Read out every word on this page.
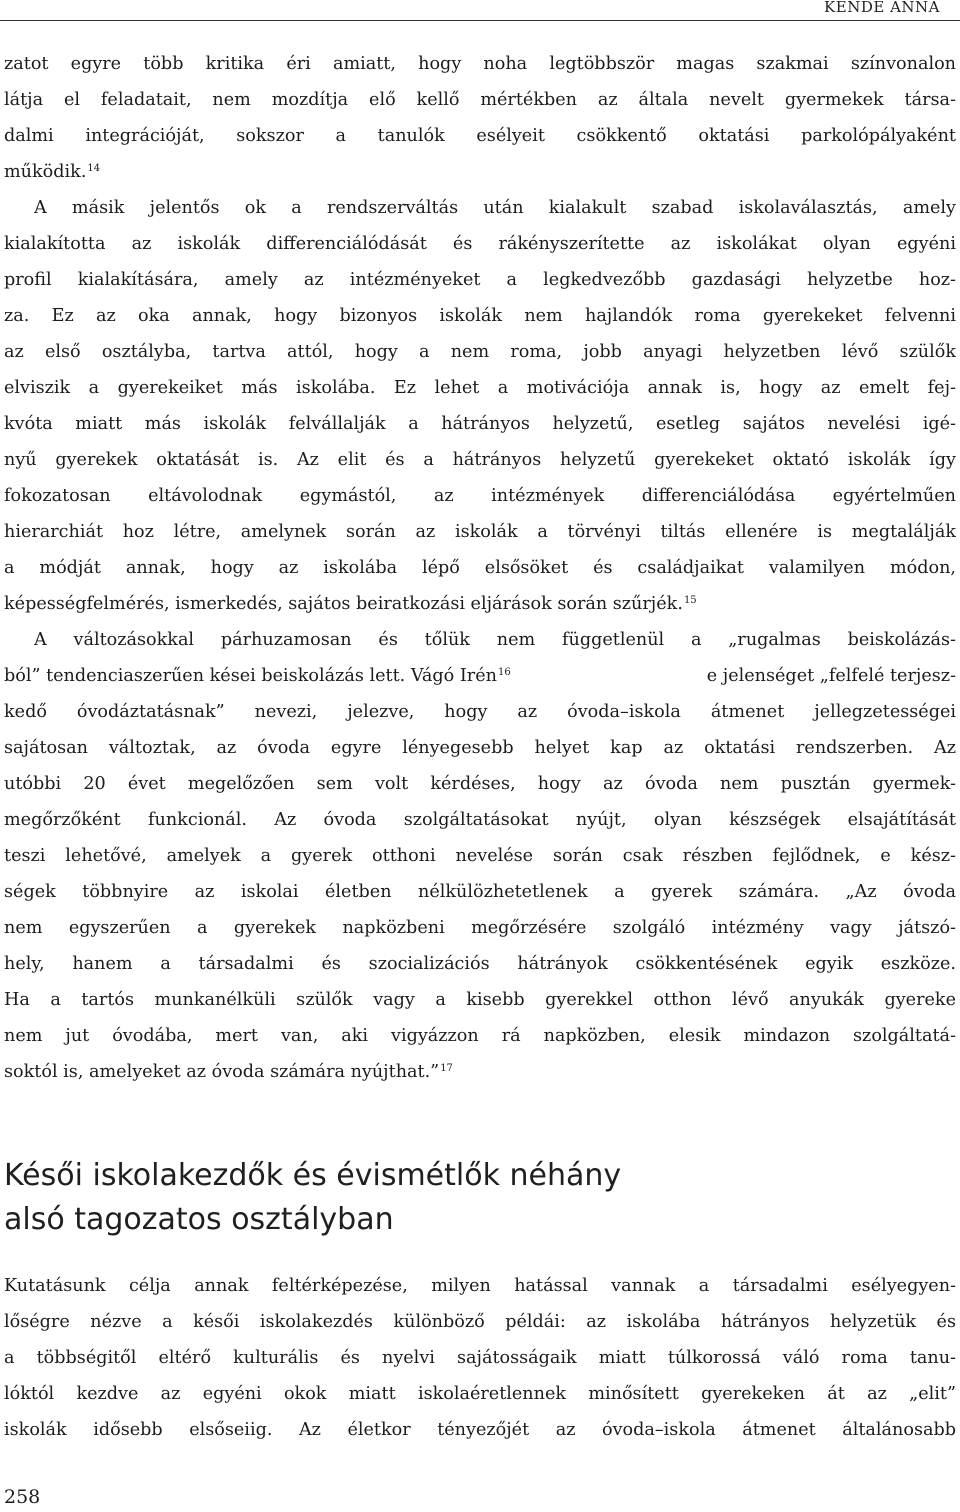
KENDE ANNA
zatot egyre több kritika éri amiatt, hogy noha legtöbbször magas szakmai színvonalon
látja el feladatait, nem mozdítja elő kellő mértékben az általa nevelt gyermekek társa-
dalmi integrációját, sokszor a tanulók esélyeit csökkentő oktatási parkolópályaként
működik.$^{14}$
A másik jelentős ok a rendszerváltás után kialakult szabad iskolaválasztás, amely
kialakította az iskolák differenciálódását és rákényszerítette az iskolákat olyan egyéni
profil kialakítására, amely az intézményeket a legkedvezőbb gazdasági helyzetbe hoz-
za. Ez az oka annak, hogy bizonyos iskolák nem hajlandók roma gyerekeket felvenni
az első osztályba, tartva attól, hogy a nem roma, jobb anyagi helyzetben lévő szülők
elviszik a gyerekeiket más iskolába. Ez lehet a motivációja annak is, hogy az emelt fej-
kvóta miatt más iskolák felvállalják a hátrányos helyzetű, esetleg sajátos nevelési igé-
nyű gyerekek oktatását is. Az elit és a hátrányos helyzetű gyerekeket oktató iskolák így
fokozatosan eltávolodnak egymástól, az intézmények differenciálódása egyértelműen
hierarchiát hoz létre, amelynek során az iskolák a törvényi tiltás ellenére is megtalálják
a módját annak, hogy az iskolába lépő elsősöket és családjaikat valamilyen módon,
képességfelmérés, ismerkedés, sajátos beiratkozási eljárások során szűrjék.$^{15}$
A változásokkal párhuzamosan és tőlük nem függetlenül a „rugalmas beiskolázás-
ból” tendenciaszerűen kései beiskolázás lett. Vágó Irén$^{16}$	e jelenséget „felfelé terjesz-
kedő óvodáztatásnak” nevezi, jelezve, hogy az óvoda–iskola átmenet jellegzetességei
sajátosan változtak, az óvoda egyre lényegesebb helyet kap az oktatási rendszerben. Az
utóbbi 20 évet megelőzően sem volt kérdéses, hogy az óvoda nem pusztán gyermek-
megőrzőként funkcionál. Az óvoda szolgáltatásokat nyújt, olyan készségek elsajátítását
teszi lehetővé, amelyek a gyerek otthoni nevelése során csak részben fejlődnek, e kész-
ségek többnyire az iskolai életben nélkülözhetetlenek a gyerek számára. „Az óvoda
nem egyszerűen a gyerekek napközbeni megőrzésére szolgáló intézmény vagy játszó-
hely, hanem a társadalmi és szocializációs hátrányok csökkentésének egyik eszköze.
Ha a tartós munkanélküli szülők vagy a kisebb gyerekkel otthon lévő anyukák gyereke
nem jut óvodába, mert van, aki vigyázzon rá napközben, elesik mindazon szolgáltatá-
soktól is, amelyeket az óvoda számára nyújthat.”$^{17}$
Késői iskolakezdők és évismétlők néhány
alsó tagozatos osztályban
Kutatásunk célja annak feltérképezése, milyen hatással vannak a társadalmi esélyegyen-
lőségre nézve a késői iskolakezdés különböző példái: az iskolába hátrányos helyzetük és
a többségitől eltérő kulturális és nyelvi sajátosságaik miatt túlkorossá váló roma tanu-
lóktól kezdve az egyéni okok miatt iskolaéretlennek minősített gyerekeken át az „elit”
iskolák idősebb elsőseiig. Az életkor tényezőjét az óvoda–iskola átmenet általánosabb
258
